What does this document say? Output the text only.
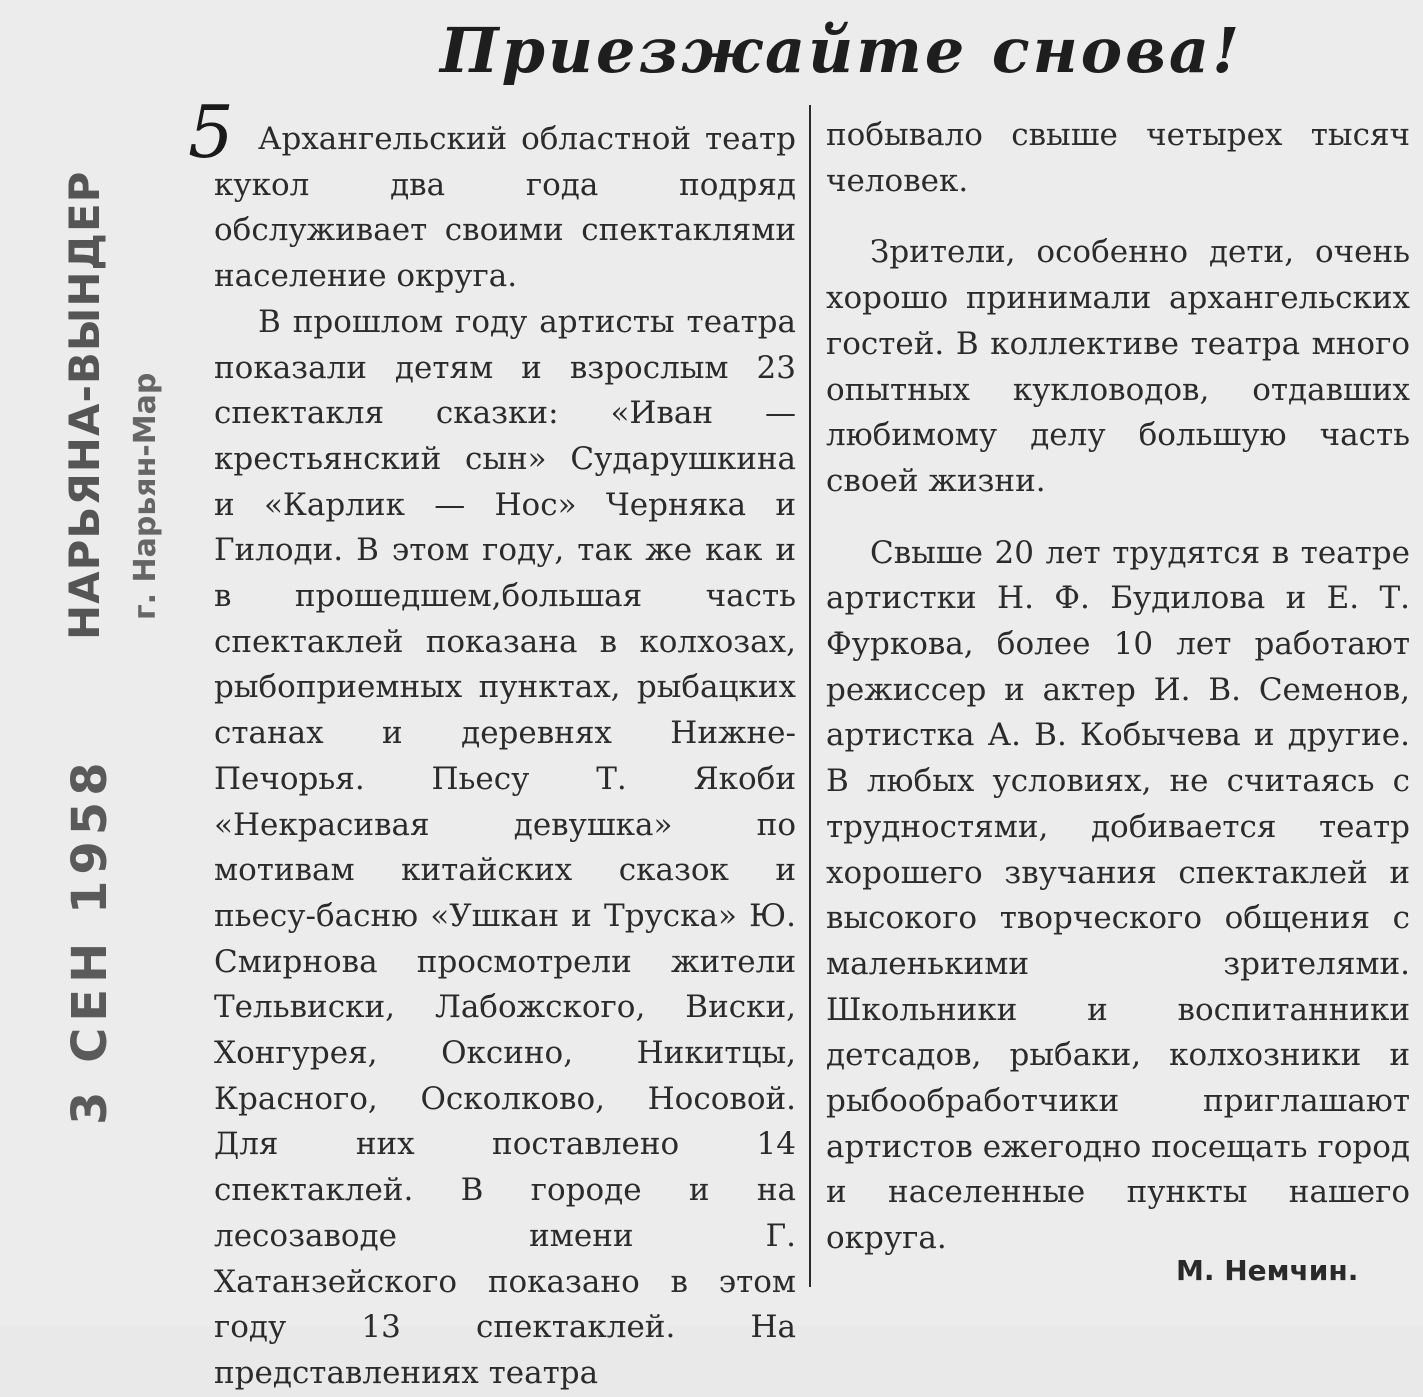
Приезжайте снова!
НАРЬЯНА-ВЫНДЕР г. Нарьян-Мар
3 СЕН 1958
5 Архангельский областной театр кукол два года подряд обслуживает своими спектаклями население округа.

В прошлом году артисты театра показали детям и взрослым 23 спектакля сказки: «Иван — крестьянский сын» Сударушкина и «Карлик — Нос» Черняка и Гилоди. В этом году, так же как и в прошедшем,большая часть спектаклей показана в колхозах, рыбоприемных пунктах, рыбацких станах и деревнях Нижне-Печорья. Пьесу Т. Якоби «Некрасивая девушка» по мотивам китайских сказок и пьесу-басню «Ушкан и Труска» Ю. Смирнова просмотрели жители Тельвиски, Лабожского, Виски, Хонгурея, Оксино, Никитцы, Красного, Осколково, Носовой. Для них поставлено 14 спектаклей. В городе и на лесозаводе имени Г. Хатанзейского показано в этом году 13 спектаклей. На представлениях театра

побывало свыше четырех тысяч человек.

Зрители, особенно дети, очень хорошо принимали архангельских гостей. В коллективе театра много опытных кукловодов, отдавших любимому делу большую часть своей жизни.

Свыше 20 лет трудятся в театре артистки Н. Ф. Будилова и Е. Т. Фуркова, более 10 лет работают режиссер и актер И. В. Семенов, артистка А. В. Кобычева и другие. В любых условиях, не считаясь с трудностями, добивается театр хорошего звучания спектаклей и высокого творческого общения с маленькими зрителями. Школьники и воспитанники детсадов, рыбаки, колхозники и рыбообработчики приглашают артистов ежегодно посещать город и населенные пункты нашего округа.

М. Немчин.
